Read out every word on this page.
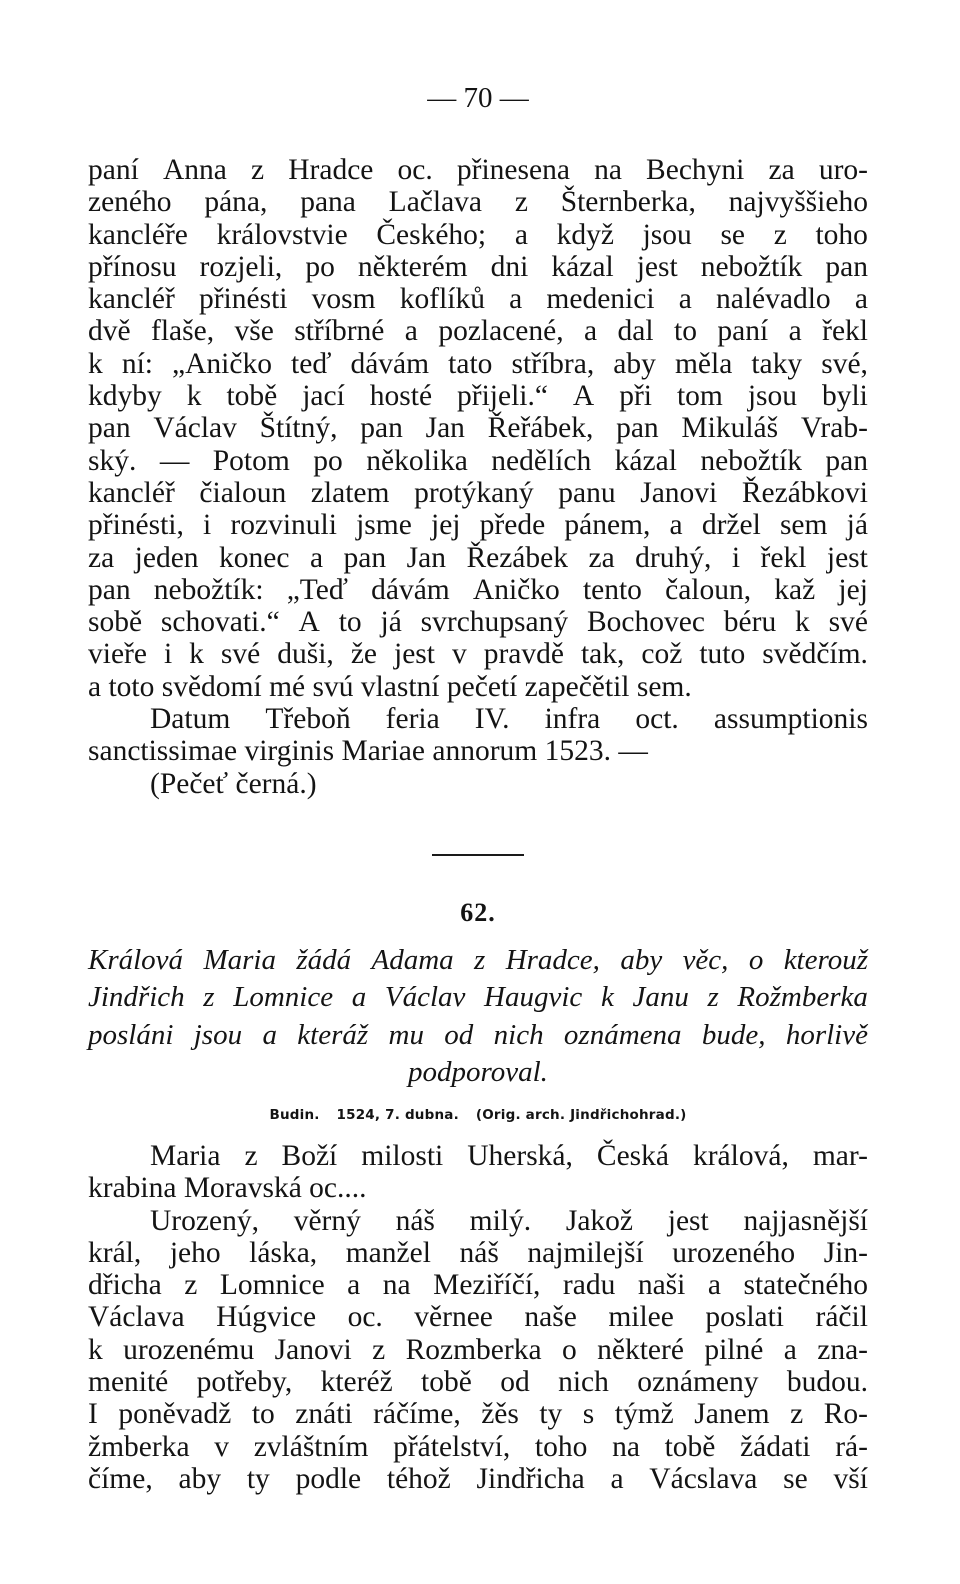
— 70 —
paní Anna z Hradce oc. přinesena na Bechyni za uro-
zeného pána, pana Lačlava z Šternberka, najvyššieho
kancléře královstvie Českého; a když jsou se z toho
přínosu rozjeli, po některém dni kázal jest nebožtík pan
kancléř přinésti vosm koflíků a medenici a nalévadlo a
dvě flaše, vše stříbrné a pozlacené, a dal to paní a řekl
k ní: „Aničko teď dávám tato stříbra, aby měla taky své,
kdyby k tobě jací hosté přijeli.“ A při tom jsou byli
pan Václav Štítný, pan Jan Řeřábek, pan Mikuláš Vrab-
ský. — Potom po několika nedělích kázal nebožtík pan
kancléř čialoun zlatem protýkaný panu Janovi Řezábkovi
přinésti, i rozvinuli jsme jej přede pánem, a držel sem já
za jeden konec a pan Jan Řezábek za druhý, i řekl jest
pan nebožtík: „Teď dávám Aničko tento čaloun, kaž jej
sobě schovati.“ A to já svrchupsaný Bochovec béru k své
vieře i k své duši, že jest v pravdě tak, což tuto svědčím.
a toto svědomí mé svú vlastní pečetí zapečětil sem.
Datum Třeboň feria IV. infra oct. assumptionis
sanctissimae virginis Mariae annorum 1523. —
(Pečeť černá.)
62.
Králová Maria žádá Adama z Hradce, aby věc, o kterouž
Jindřich z Lomnice a Václav Haugvic k Janu z Rožmberka
posláni jsou a kteráž mu od nich oznámena bude, horlivě
podporoval.
Budin. 1524, 7. dubna. (Orig. arch. Jindřichohrad.)
Maria z Boží milosti Uherská, Česká králová, mar-
krabina Moravská oc....
Urozený, věrný náš milý. Jakož jest najjasnější
král, jeho láska, manžel náš najmilejší urozeného Jin-
dřicha z Lomnice a na Meziříčí, radu naši a statečného
Václava Húgvice oc. věrnee naše milee poslati ráčil
k urozenému Janovi z Rozmberka o některé pilné a zna-
menité potřeby, kteréž tobě od nich oznámeny budou.
I poněvadž to znáti ráčíme, žěs ty s týmž Janem z Ro-
žmberka v zvláštním přátelství, toho na tobě žádati rá-
číme, aby ty podle téhož Jindřicha a Vácslava se vší
